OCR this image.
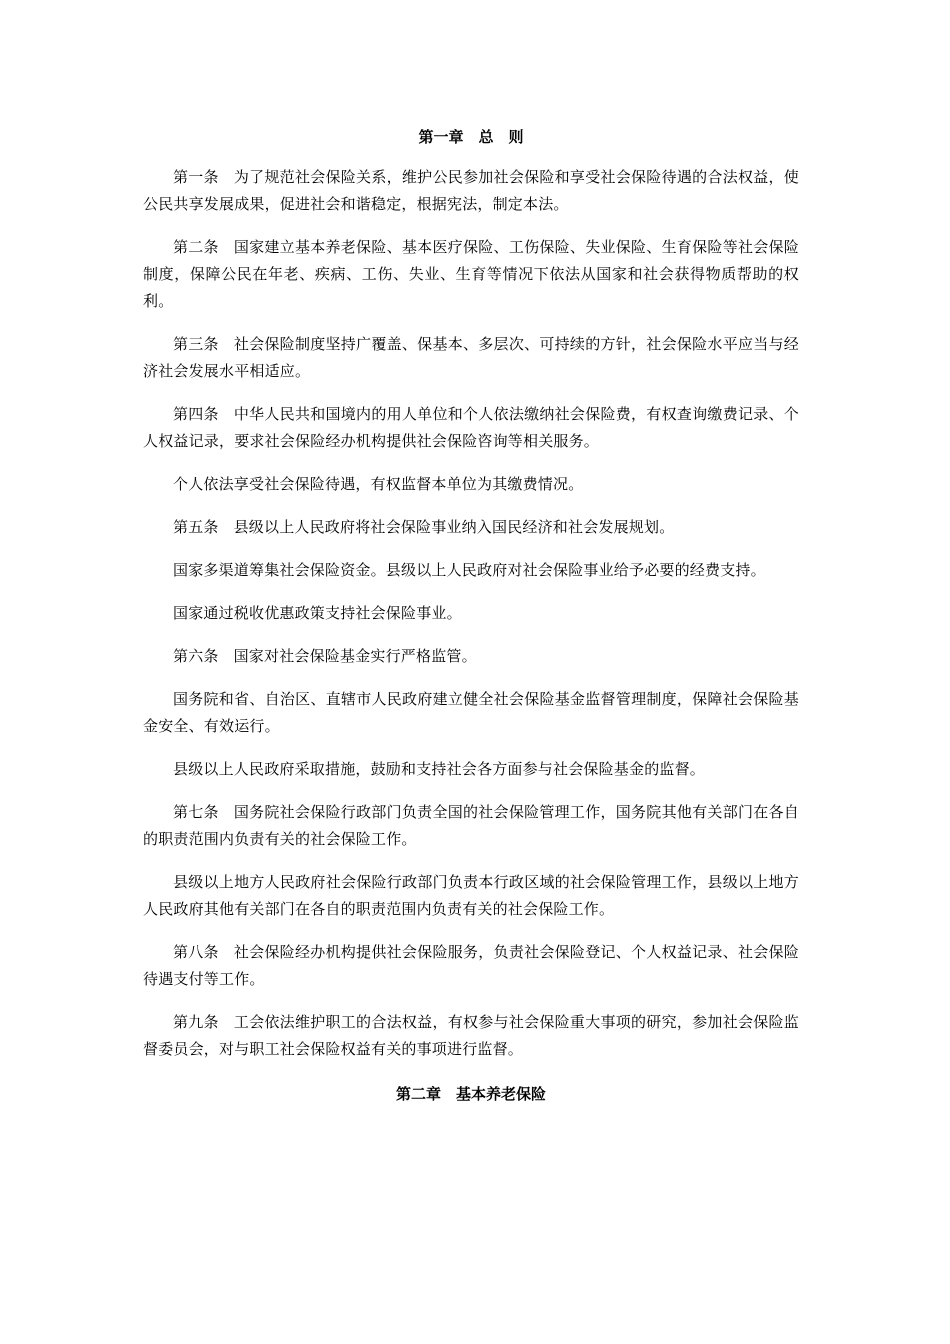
第一章　总　则

第一条 为了规范社会保险关系，维护公民参加社会保险和享受社会保险待遇的合法权益，使公民共享发展成果，促进社会和谐稳定，根据宪法，制定本法。

第二条 国家建立基本养老保险、基本医疗保险、工伤保险、失业保险、生育保险等社会保险制度，保障公民在年老、疾病、工伤、失业、生育等情况下依法从国家和社会获得物质帮助的权利。

第三条 社会保险制度坚持广覆盖、保基本、多层次、可持续的方针，社会保险水平应当与经济社会发展水平相适应。

第四条 中华人民共和国境内的用人单位和个人依法缴纳社会保险费，有权查询缴费记录、个人权益记录，要求社会保险经办机构提供社会保险咨询等相关服务。

个人依法享受社会保险待遇，有权监督本单位为其缴费情况。

第五条 县级以上人民政府将社会保险事业纳入国民经济和社会发展规划。

国家多渠道筹集社会保险资金。县级以上人民政府对社会保险事业给予必要的经费支持。

国家通过税收优惠政策支持社会保险事业。

第六条 国家对社会保险基金实行严格监管。

国务院和省、自治区、直辖市人民政府建立健全社会保险基金监督管理制度，保障社会保险基金安全、有效运行。

县级以上人民政府采取措施，鼓励和支持社会各方面参与社会保险基金的监督。

第七条 国务院社会保险行政部门负责全国的社会保险管理工作，国务院其他有关部门在各自的职责范围内负责有关的社会保险工作。

县级以上地方人民政府社会保险行政部门负责本行政区域的社会保险管理工作，县级以上地方人民政府其他有关部门在各自的职责范围内负责有关的社会保险工作。

第八条 社会保险经办机构提供社会保险服务，负责社会保险登记、个人权益记录、社会保险待遇支付等工作。

第九条 工会依法维护职工的合法权益，有权参与社会保险重大事项的研究，参加社会保险监督委员会，对与职工社会保险权益有关的事项进行监督。

第二章　基本养老保险
